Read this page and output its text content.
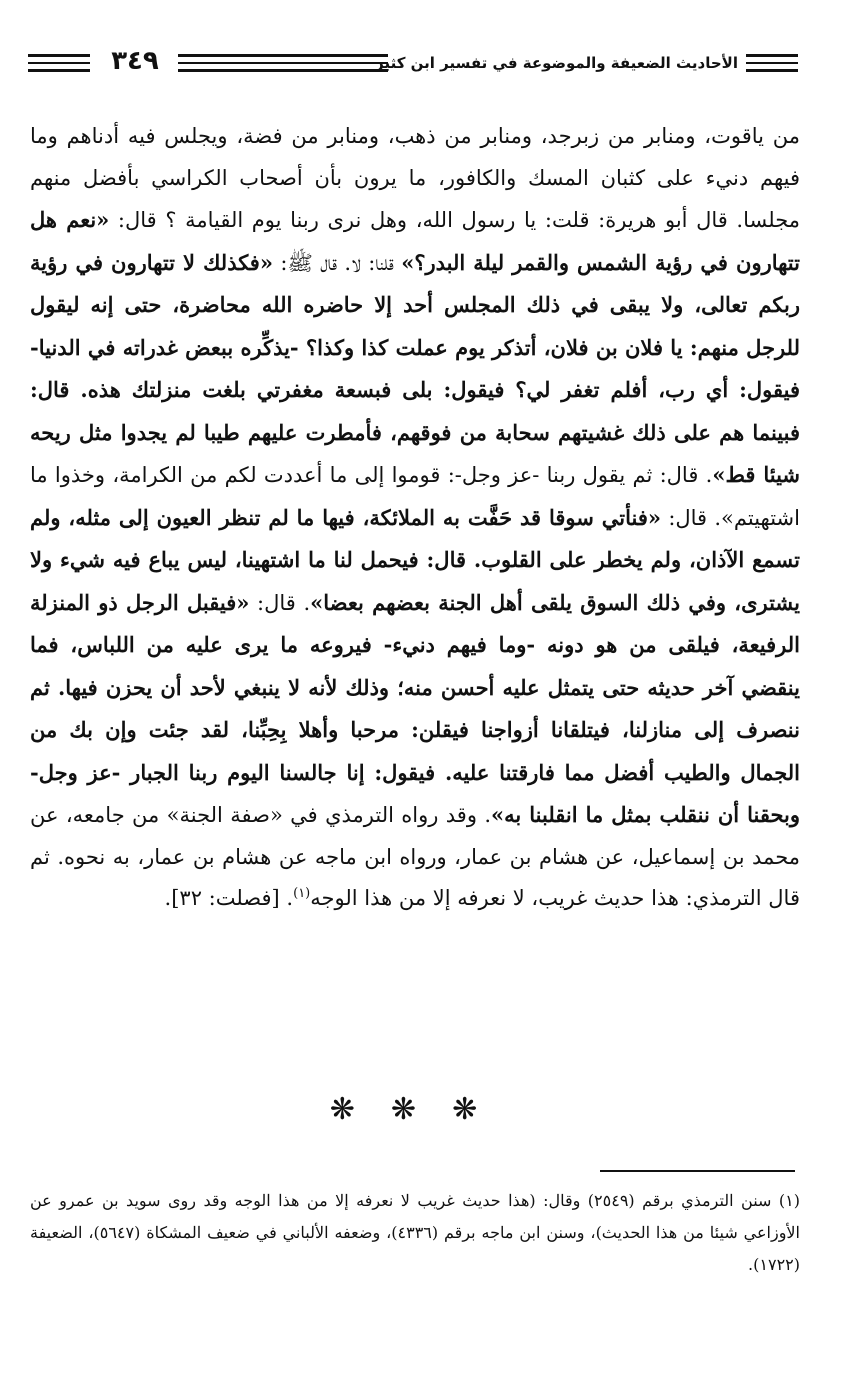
٣٤٩	الأحاديث الضعيفة والموضوعة في تفسير ابن كثير

من ياقوت، ومنابر من زبرجد، ومنابر من ذهب، ومنابر من فضة، ويجلس فيه أدناهم وما فيهم دنيء على كثبان المسك والكافور، ما يرون بأن أصحاب الكراسي بأفضل منهم مجلسا. قال أبو هريرة: قلت: يا رسول الله، وهل نرى ربنا يوم القيامة ؟ قال: «نعم هل تتهارون في رؤية الشمس والقمر ليلة البدر؟» قلنا: لا. قال ﷺ: «فكذلك لا تتهارون في رؤية ربكم تعالى، ولا يبقى في ذلك المجلس أحد إلا حاضره الله محاضرة، حتى إنه ليقول للرجل منهم: يا فلان بن فلان، أتذكر يوم عملت كذا وكذا؟ -يذكِّره ببعض غدراته في الدنيا- فيقول: أي رب، أفلم تغفر لي؟ فيقول: بلى فبسعة مغفرتي بلغت منزلتك هذه. قال: فبينما هم على ذلك غشيتهم سحابة من فوقهم، فأمطرت عليهم طيبا لم يجدوا مثل ريحه شيئا قط». قال: ثم يقول ربنا -عز وجل-: قوموا إلى ما أعددت لكم من الكرامة، وخذوا ما اشتهيتم». قال: «فنأتي سوقا قد حَفَّت به الملائكة، فيها ما لم تنظر العيون إلى مثله، ولم تسمع الآذان، ولم يخطر على القلوب. قال: فيحمل لنا ما اشتهينا، ليس يباع فيه شيء ولا يشترى، وفي ذلك السوق يلقى أهل الجنة بعضهم بعضا». قال: «فيقبل الرجل ذو المنزلة الرفيعة، فيلقى من هو دونه -وما فيهم دنيء- فيروعه ما يرى عليه من اللباس، فما ينقضي آخر حديثه حتى يتمثل عليه أحسن منه؛ وذلك لأنه لا ينبغي لأحد أن يحزن فيها. ثم ننصرف إلى منازلنا، فيتلقانا أزواجنا فيقلن: مرحبا وأهلا بِحِبِّنا، لقد جئت وإن بك من الجمال والطيب أفضل مما فارقتنا عليه. فيقول: إنا جالسنا اليوم ربنا الجبار -عز وجل- وبحقنا أن ننقلب بمثل ما انقلبنا به». وقد رواه الترمذي في «صفة الجنة» من جامعه، عن محمد بن إسماعيل، عن هشام بن عمار، ورواه ابن ماجه عن هشام بن عمار، به نحوه. ثم قال الترمذي: هذا حديث غريب، لا نعرفه إلا من هذا الوجه$^{(١)}$. [فصلت: ٣٢].

❋❋❋

(١) سنن الترمذي برقم (٢٥٤٩) وقال: (هذا حديث غريب لا نعرفه إلا من هذا الوجه وقد روى سويد بن عمرو عن الأوزاعي شيئا من هذا الحديث)، وسنن ابن ماجه برقم (٤٣٣٦)، وضعفه الألباني في ضعيف المشكاة (٥٦٤٧)، الضعيفة (١٧٢٢).
